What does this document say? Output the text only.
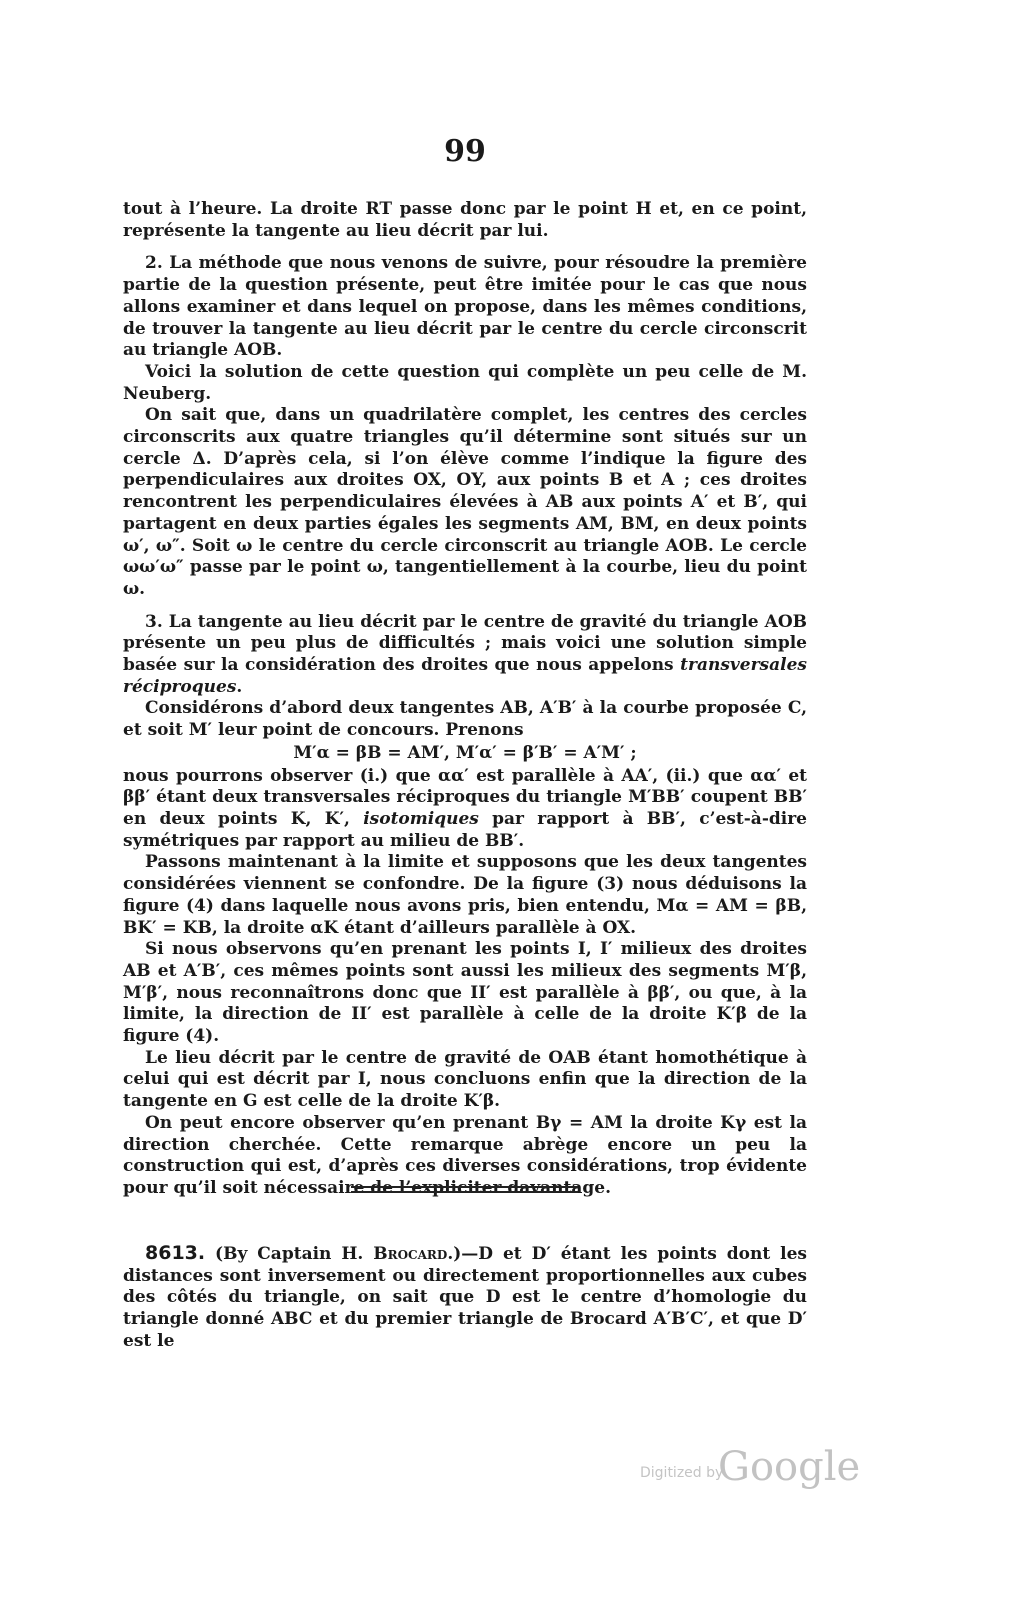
99

tout à l’heure. La droite RT passe donc par le point H et, en ce point, représente la tangente au lieu décrit par lui.

2. La méthode que nous venons de suivre, pour résoudre la première partie de la question présente, peut être imitée pour le cas que nous allons examiner et dans lequel on propose, dans les mêmes conditions, de trouver la tangente au lieu décrit par le centre du cercle circonscrit au triangle AOB.

Voici la solution de cette question qui complète un peu celle de M. Neuberg.

On sait que, dans un quadrilatère complet, les centres des cercles circonscrits aux quatre triangles qu’il détermine sont situés sur un cercle Δ. D’après cela, si l’on élève comme l’indique la figure des perpendiculaires aux droites OX, OY, aux points B et A ; ces droites rencontrent les perpendiculaires élevées à AB aux points A′ et B′, qui partagent en deux parties égales les segments AM, BM, en deux points ω′, ω″. Soit ω le centre du cercle circonscrit au triangle AOB. Le cercle ωω′ω″ passe par le point ω, tangentiellement à la courbe, lieu du point ω.

3. La tangente au lieu décrit par le centre de gravité du triangle AOB présente un peu plus de difficultés ; mais voici une solution simple basée sur la considération des droites que nous appelons transversales réciproques.

Considérons d’abord deux tangentes AB, A′B′ à la courbe proposée C, et soit M′ leur point de concours. Prenons

M′α = βB = AM′, M′α′ = β′B′ = A′M′ ;

nous pourrons observer (i.) que αα′ est parallèle à AA′, (ii.) que αα′ et ββ′ étant deux transversales réciproques du triangle M′BB′ coupent BB′ en deux points K, K′, isotomiques par rapport à BB′, c’est-à-dire symétriques par rapport au milieu de BB′.

Passons maintenant à la limite et supposons que les deux tangentes considérées viennent se confondre. De la figure (3) nous déduisons la figure (4) dans laquelle nous avons pris, bien entendu, Mα = AM = βB, BK′ = KB, la droite αK étant d’ailleurs parallèle à OX.

Si nous observons qu’en prenant les points I, I′ milieux des droites AB et A′B′, ces mêmes points sont aussi les milieux des segments M′β, M′β′, nous reconnaîtrons donc que II′ est parallèle à ββ′, ou que, à la limite, la direction de II′ est parallèle à celle de la droite K′β de la figure (4).

Le lieu décrit par le centre de gravité de OAB étant homothétique à celui qui est décrit par I, nous concluons enfin que la direction de la tangente en G est celle de la droite K′β.

On peut encore observer qu’en prenant Bγ = AM la droite Kγ est la direction cherchée. Cette remarque abrège encore un peu la construction qui est, d’après ces diverses considérations, trop évidente pour qu’il soit nécessaire de l’expliciter davantage.

8613. (By Captain H. Brocard.)—D et D′ étant les points dont les distances sont inversement ou directement proportionnelles aux cubes des côtés du triangle, on sait que D est le centre d’homologie du triangle donné ABC et du premier triangle de Brocard A′B′C′, et que D′ est le

Digitized by
Google
